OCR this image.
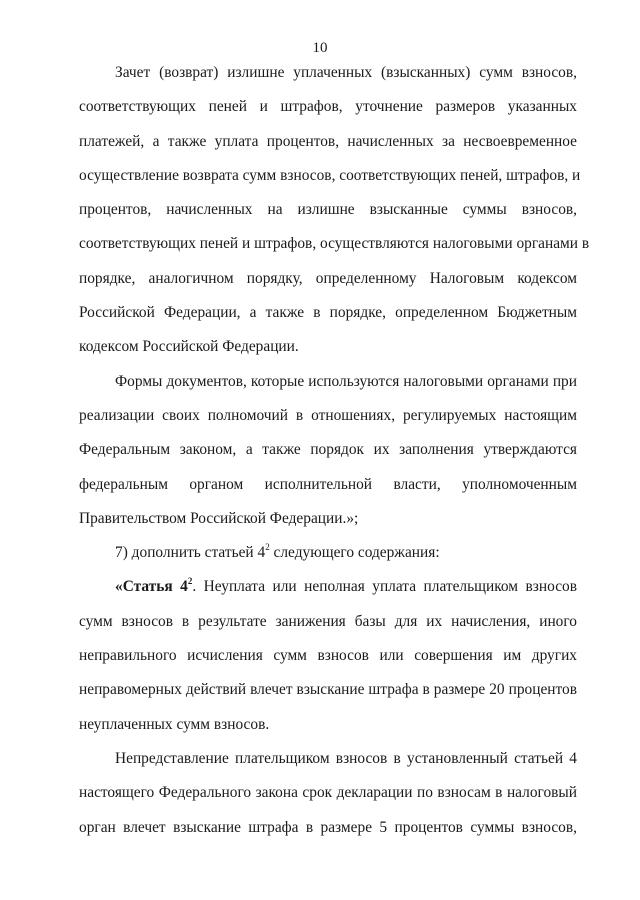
10
Зачет (возврат) излишне уплаченных (взысканных) сумм взносов,
соответствующих пеней и штрафов, уточнение размеров указанных
платежей, а также уплата процентов, начисленных за несвоевременное
осуществление возврата сумм взносов, соответствующих пеней, штрафов, и
процентов, начисленных на излишне взысканные суммы взносов,
соответствующих пеней и штрафов, осуществляются налоговыми органами в
порядке, аналогичном порядку, определенному Налоговым кодексом
Российской Федерации, а также в порядке, определенном Бюджетным
кодексом Российской Федерации.
Формы документов, которые используются налоговыми органами при
реализации своих полномочий в отношениях, регулируемых настоящим
Федеральным законом, а также порядок их заполнения утверждаются
федеральным органом исполнительной власти, уполномоченным
Правительством Российской Федерации.»;
7) дополнить статьей $4^2$ следующего содержания:
«Статья $4^2$. Неуплата или неполная уплата плательщиком взносов
сумм взносов в результате занижения базы для их начисления, иного
неправильного исчисления сумм взносов или совершения им других
неправомерных действий влечет взыскание штрафа в размере 20 процентов
неуплаченных сумм взносов.
Непредставление плательщиком взносов в установленный статьей 4
настоящего Федерального закона срок декларации по взносам в налоговый
орган влечет взыскание штрафа в размере 5 процентов суммы взносов,
